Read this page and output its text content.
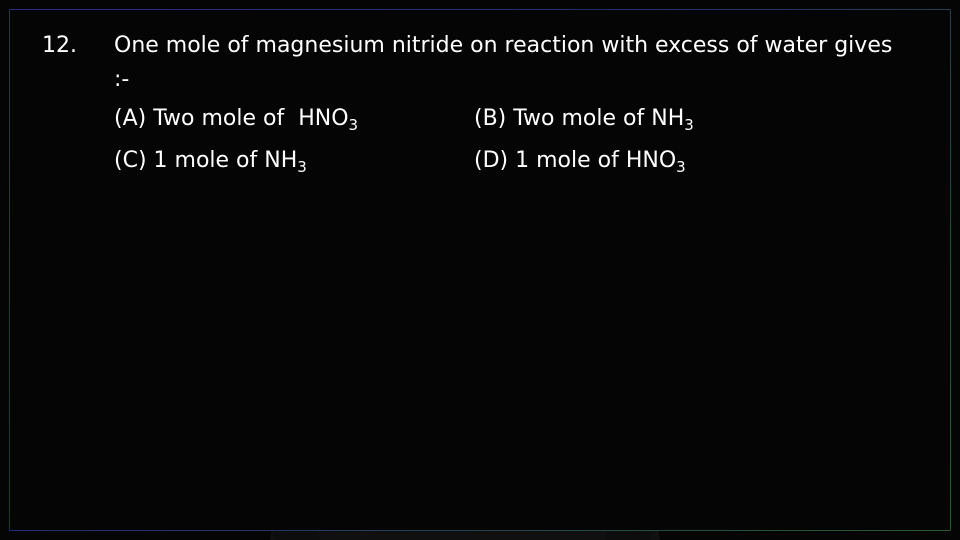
12. One mole of magnesium nitride on reaction with excess of water gives :-
(A) Two mole of  $HNO_3$	(B) Two mole of $NH_3$
(C) 1 mole of $NH_3$	(D) 1 mole of $HNO_3$
